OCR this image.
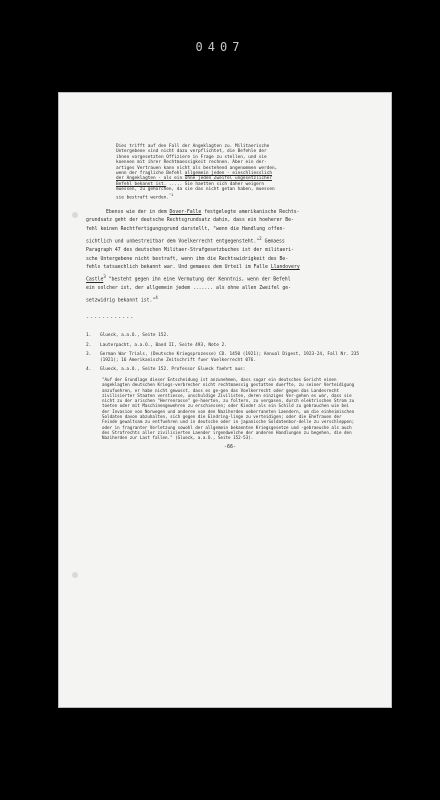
0407
Dies trifft auf den Fall der Angeklagten zu. Militaerische
Untergebene sind nicht dazu verpflichtet, die Befehle der
ihnen vorgesetzten Offiziere in Frage zu stellen, und sie
koennen mit ihrer Rechtmaessigkeit rechnen. Aber ein der-
artiges Vertrauen kann nicht als bestehend angenommen werden,
wenn der fragliche Befehl allgemein jeden - einschliesslich
der Angeklagten - als ein ohne jeden Zweifel ungesetzlicher
Befehl bekannt ist. ..... Sie haetten sich daher weigern
muessen, zu gehorchen, da sie das nicht getan haben, muessen
sie bestraft werden.$^{"1}$
Ebenso wie der in dem Dover-Falle festgelegte amerikanische Rechts-
grundsatz geht der deutsche Rechtsgrundsatz dahin, dass ein hoeherer Be-
fehl keinen Rechtfertigungsgrund darstellt, "wenn die Handlung offen-
sichtlich und unbestreitbar dem Voelkerrecht entgegensteht."$^2$ Gemaess
Paragraph 47 des deutschen Militaer-Strafgesetzbuches ist der militaeri-
sche Untergebene nicht bestraft, wenn ihm die Rechtswidrigkeit des Be-
fehls tatsaechlich bekannt war. Und gemaess dem Urteil im Falle Llandovery
Castle$^3$ "besteht gegen ihn eine Vermutung der Kenntnis, wenn der Befehl
ein solcher ist, der allgemein jedem ....... als ohne allen Zweifel ge-
setzwidrig bekannt ist."$^4$
------------
1.	Glueck, a.a.O., Seite 152.
2.	Lauterpacht, a.a.O., Band II, Seite 493, Note 2.
3.	German War Trials, (Deutsche Kriegsprozesse) CD. 1450 (1921); Annual Digest, 1923-24, Fall Nr. 235 (1921); 16 Amerikanische Zeitschrift fuer Voelkerrecht 076.
4.	Glueck, a.a.O., Seite 152. Professor Glueck faehrt aus:
"Auf der Grundlage dieser Entscheidung ist anzunehmen, dass sogar ein deutsches Gericht einen angeklagten deutschen Kriegs-verbrecher nicht rechtmaessig gestatten duerfte, zu seiner Verteidigung anzufuehren, er habe nicht gewusst, dass es ge-gen das Voelkerrecht oder gegen das Landesrecht zivilisierter Staaten verstiesse, unschuldige Zivilisten, deren einziges Ver-gehen es war, dass sie nicht zu der arischen "Herrenrasse" ge-hoerten, zu foltern, zu vergasen, durch elektrischen Strom zu toeten oder mit Maschinengewehren zu erschiessen; oder Kinder als ein Schild zu gebrauchen wie bei der Invasion von Norwegen und anderen von den Naziherden ueberrannten Laendern, um die einheimischen Soldaten davon abzuhalten, sich gegen die Eindring-linge zu verteidigen; oder die Ehefrauen der Feinde gewaltsam zu entfuehren und in deutsche oder in japanische Soldatenbor-delle zu verschleppen; oder in fragranter Verletzung sowohl der allgemein bekannten Kriegsgesetze und -gebraeuche als auch des Strafrechts aller zivilisierten Laender irgendwelche der anderen Handlungen zu begehen, die den Naziherden zur Last fallen." (Glueck, a.a.O., Seite 152-53).
-66-
